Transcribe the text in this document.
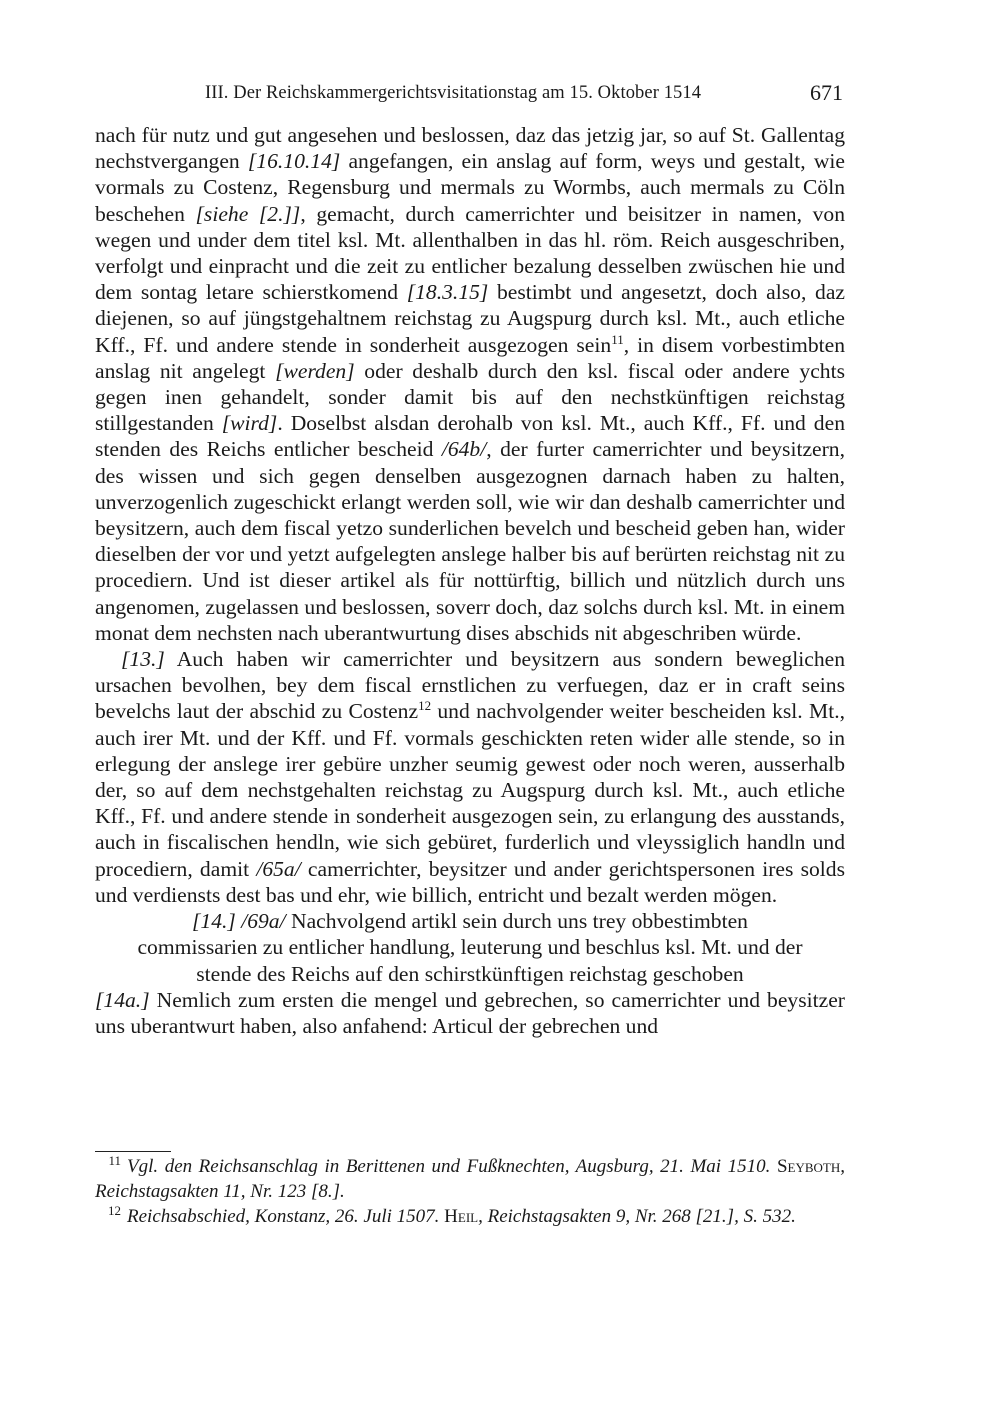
III. Der Reichskammergerichtsvisitationstag am 15. Oktober 1514	671

nach für nutz und gut angesehen und beslossen, daz das jetzig jar, so auf St. Gallentag nechstvergangen [16.10.14] angefangen, ein anslag auf form, weys und gestalt, wie vormals zu Costenz, Regensburg und mermals zu Wormbs, auch mermals zu Cöln beschehen [siehe [2.]], gemacht, durch camerrichter und beisitzer in namen, von wegen und under dem titel ksl. Mt. allenthalben in das hl. röm. Reich ausgeschriben, verfolgt und einpracht und die zeit zu entlicher bezalung desselben zwüschen hie und dem sontag letare schierstkomend [18.3.15] bestimbt und angesetzt, doch also, daz diejenen, so auf jüngstgehaltnem reichstag zu Augspurg durch ksl. Mt., auch etliche Kff., Ff. und andere stende in sonderheit ausgezogen sein$^{11}$, in disem vorbestimbten anslag nit angelegt [werden] oder deshalb durch den ksl. fiscal oder andere ychts gegen inen gehandelt, sonder damit bis auf den nechstkünftigen reichstag stillgestanden [wird]. Doselbst alsdan derohalb von ksl. Mt., auch Kff., Ff. und den stenden des Reichs entlicher bescheid /64b/, der furter camerrichter und beysitzern, des wissen und sich gegen denselben ausgezognen darnach haben zu halten, unverzogenlich zugeschickt erlangt werden soll, wie wir dan deshalb camerrichter und beysitzern, auch dem fiscal yetzo sunderlichen bevelch und bescheid geben han, wider dieselben der vor und yetzt aufgelegten anslege halber bis auf berürten reichstag nit zu procediern. Und ist dieser artikel als für nottürftig, billich und nützlich durch uns angenomen, zugelassen und beslossen, soverr doch, daz solchs durch ksl. Mt. in einem monat dem nechsten nach uberantwurtung dises abschids nit abgeschriben würde.

[13.] Auch haben wir camerrichter und beysitzern aus sondern beweglichen ursachen bevolhen, bey dem fiscal ernstlichen zu verfuegen, daz er in craft seins bevelchs laut der abschid zu Costenz$^{12}$ und nachvolgender weiter bescheiden ksl. Mt., auch irer Mt. und der Kff. und Ff. vormals geschickten reten wider alle stende, so in erlegung der anslege irer gebüre unzher seumig gewest oder noch weren, ausserhalb der, so auf dem nechstgehalten reichstag zu Augspurg durch ksl. Mt., auch etliche Kff., Ff. und andere stende in sonderheit ausgezogen sein, zu erlangung des ausstands, auch in fiscalischen hendln, wie sich gebüret, furderlich und vleyssiglich handln und procediern, damit /65a/ camerrichter, beysitzer und ander gerichtspersonen ires solds und verdiensts dest bas und ehr, wie billich, entricht und bezalt werden mögen.

[14.] /69a/ Nachvolgend artikl sein durch uns trey obbestimbten
commissarien zu entlicher handlung, leuterung und beschlus ksl. Mt. und der
stende des Reichs auf den schirstkünftigen reichstag geschoben

[14a.] Nemlich zum ersten die mengel und gebrechen, so camerrichter und beysitzer uns uberantwurt haben, also anfahend: Articul der gebrechen und

11 Vgl. den Reichsanschlag in Berittenen und Fußknechten, Augsburg, 21. Mai 1510. Seyboth, Reichstagsakten 11, Nr. 123 [8.].

12 Reichsabschied, Konstanz, 26. Juli 1507. Heil, Reichstagsakten 9, Nr. 268 [21.], S. 532.
